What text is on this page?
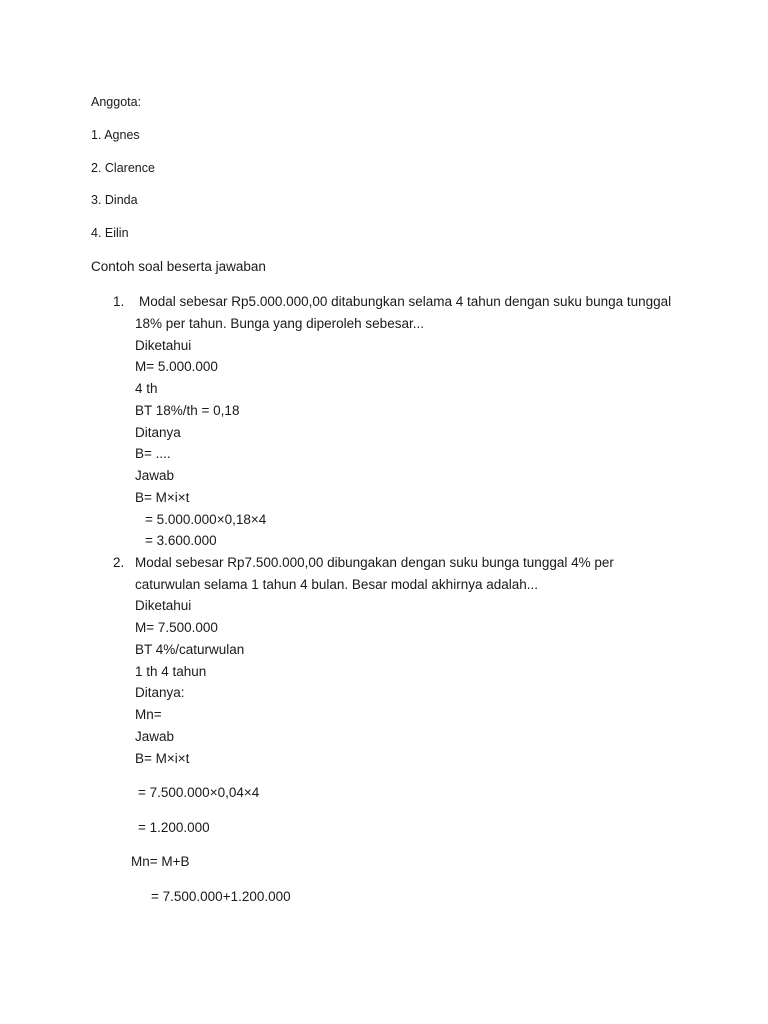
Anggota:
1. Agnes
2. Clarence
3. Dinda
4. Eilin
Contoh soal beserta jawaban
1. Modal sebesar Rp5.000.000,00 ditabungkan selama 4 tahun dengan suku bunga tunggal
18% per tahun. Bunga yang diperoleh sebesar...
Diketahui
M= 5.000.000
4 th
BT 18%/th = 0,18
Ditanya
B= ....
Jawab
B= M×i×t
= 5.000.000×0,18×4
= 3.600.000
2. Modal sebesar Rp7.500.000,00 dibungakan dengan suku bunga tunggal 4% per
caturwulan selama 1 tahun 4 bulan. Besar modal akhirnya adalah...
Diketahui
M= 7.500.000
BT 4%/caturwulan
1 th 4 tahun
Ditanya:
Mn=
Jawab
B= M×i×t
= 7.500.000×0,04×4
= 1.200.000
Mn= M+B
= 7.500.000+1.200.000
